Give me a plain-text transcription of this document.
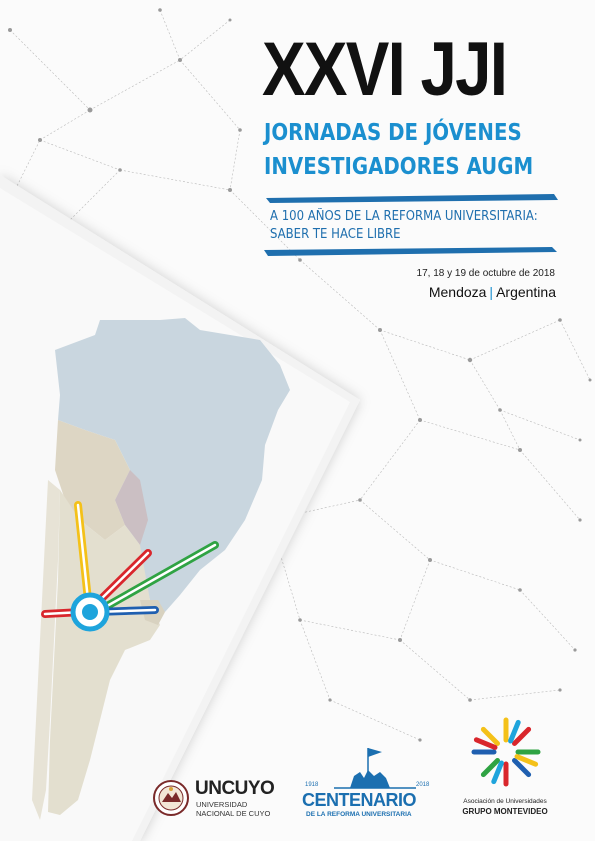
XXVI JJI
JORNADAS DE JÓVENES
INVESTIGADORES AUGM
A 100 AÑOS DE LA REFORMA UNIVERSITARIA:
SABER TE HACE LIBRE
17, 18 y 19 de octubre de 2018
Mendoza | Argentina
UNCUYO
UNIVERSIDAD
NACIONAL DE CUYO
1918	2018
CENTENARIO
DE LA REFORMA UNIVERSITARIA
Asociación de Universidades
GRUPO MONTEVIDEO
